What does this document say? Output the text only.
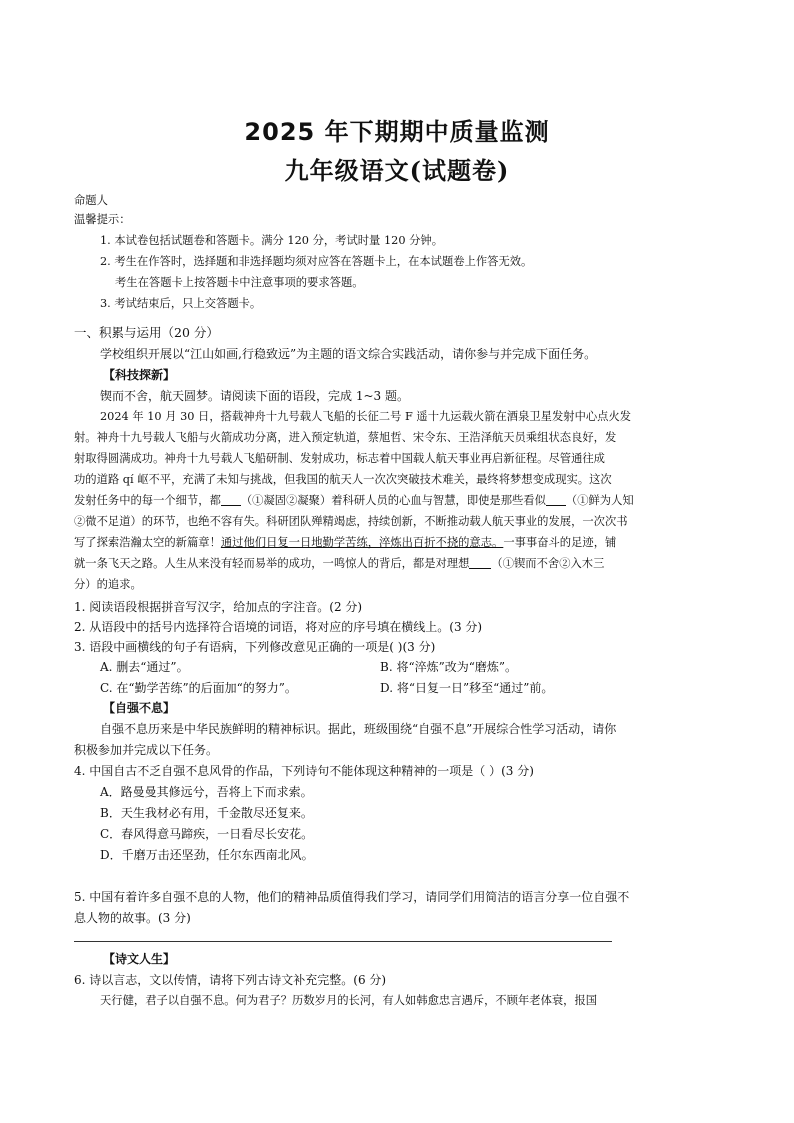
2025 年下期期中质量监测
九年级语文(试题卷)
命题人
温馨提示：
1. 本试卷包括试题卷和答题卡。满分 120 分，考试时量 120 分钟。
2. 考生在作答时，选择题和非选择题均须对应答在答题卡上，在本试题卷上作答无效。
考生在答题卡上按答题卡中注意事项的要求答题。
3. 考试结束后，只上交答题卡。
一、积累与运用（20 分）
学校组织开展以“江山如画,行稳致远”为主题的语文综合实践活动，请你参与并完成下面任务。
【科技探新】
锲而不舍，航天圆梦。请阅读下面的语段，完成 1~3 题。
2024 年 10 月 30 日，搭载神舟十九号载人飞船的长征二号 F 遥十九运载火箭在酒泉卫星发射中心点火发
射。神舟十九号载人飞船与火箭成功分离，进入预定轨道，蔡旭哲、宋令东、王浩泽航天员乘组状态良好，发
射取得圆满成功。神舟十九号载人飞船研制、发射成功，标志着中国载人航天事业再启新征程。尽管通往成
功的道路 qí 岖不平，充满了未知与挑战，但我国的航天人一次次突破技术难关，最终将梦想变成现实。这次
发射任务中的每一个细节，都 （①凝固②凝聚）着科研人员的心血与智慧，即使是那些看似 （①鲜为人知
②微不足道）的环节，也绝不容有失。科研团队殚精竭虑，持续创新，不断推动载人航天事业的发展，一次次书
写了探索浩瀚太空的新篇章！通过他们日复一日地勤学苦练，淬炼出百折不挠的意志。一事事奋斗的足迹，铺
就一条飞天之路。人生从来没有轻而易举的成功，一鸣惊人的背后，都是对理想 （①锲而不舍②入木三
分）的追求。
1. 阅读语段根据拼音写汉字，给加点的字注音。(2 分)
2. 从语段中的括号内选择符合语境的词语，将对应的序号填在横线上。(3 分)
3. 语段中画横线的句子有语病，下列修改意见正确的一项是( )(3 分)
A. 删去“通过”。	B. 将“淬炼”改为“磨炼”。
C. 在“勤学苦练”的后面加“的努力”。	D. 将“日复一日”移至“通过”前。
【自强不息】
自强不息历来是中华民族鲜明的精神标识。据此，班级围绕“自强不息”开展综合性学习活动，请你
积极参加并完成以下任务。
4. 中国自古不乏自强不息风骨的作品，下列诗句不能体现这种精神的一项是（ ）(3 分)
A．路曼曼其修远兮，吾将上下而求索。
B．天生我材必有用，千金散尽还复来。
C．春风得意马蹄疾，一日看尽长安花。
D．千磨万击还坚劲，任尔东西南北风。
5. 中国有着许多自强不息的人物，他们的精神品质值得我们学习，请同学们用简洁的语言分享一位自强不
息人物的故事。(3 分)
【诗文人生】
6. 诗以言志，文以传情，请将下列古诗文补充完整。(6 分)
天行健，君子以自强不息。何为君子？历数岁月的长河，有人如韩愈忠言遇斥，不顾年老体衰，报国
